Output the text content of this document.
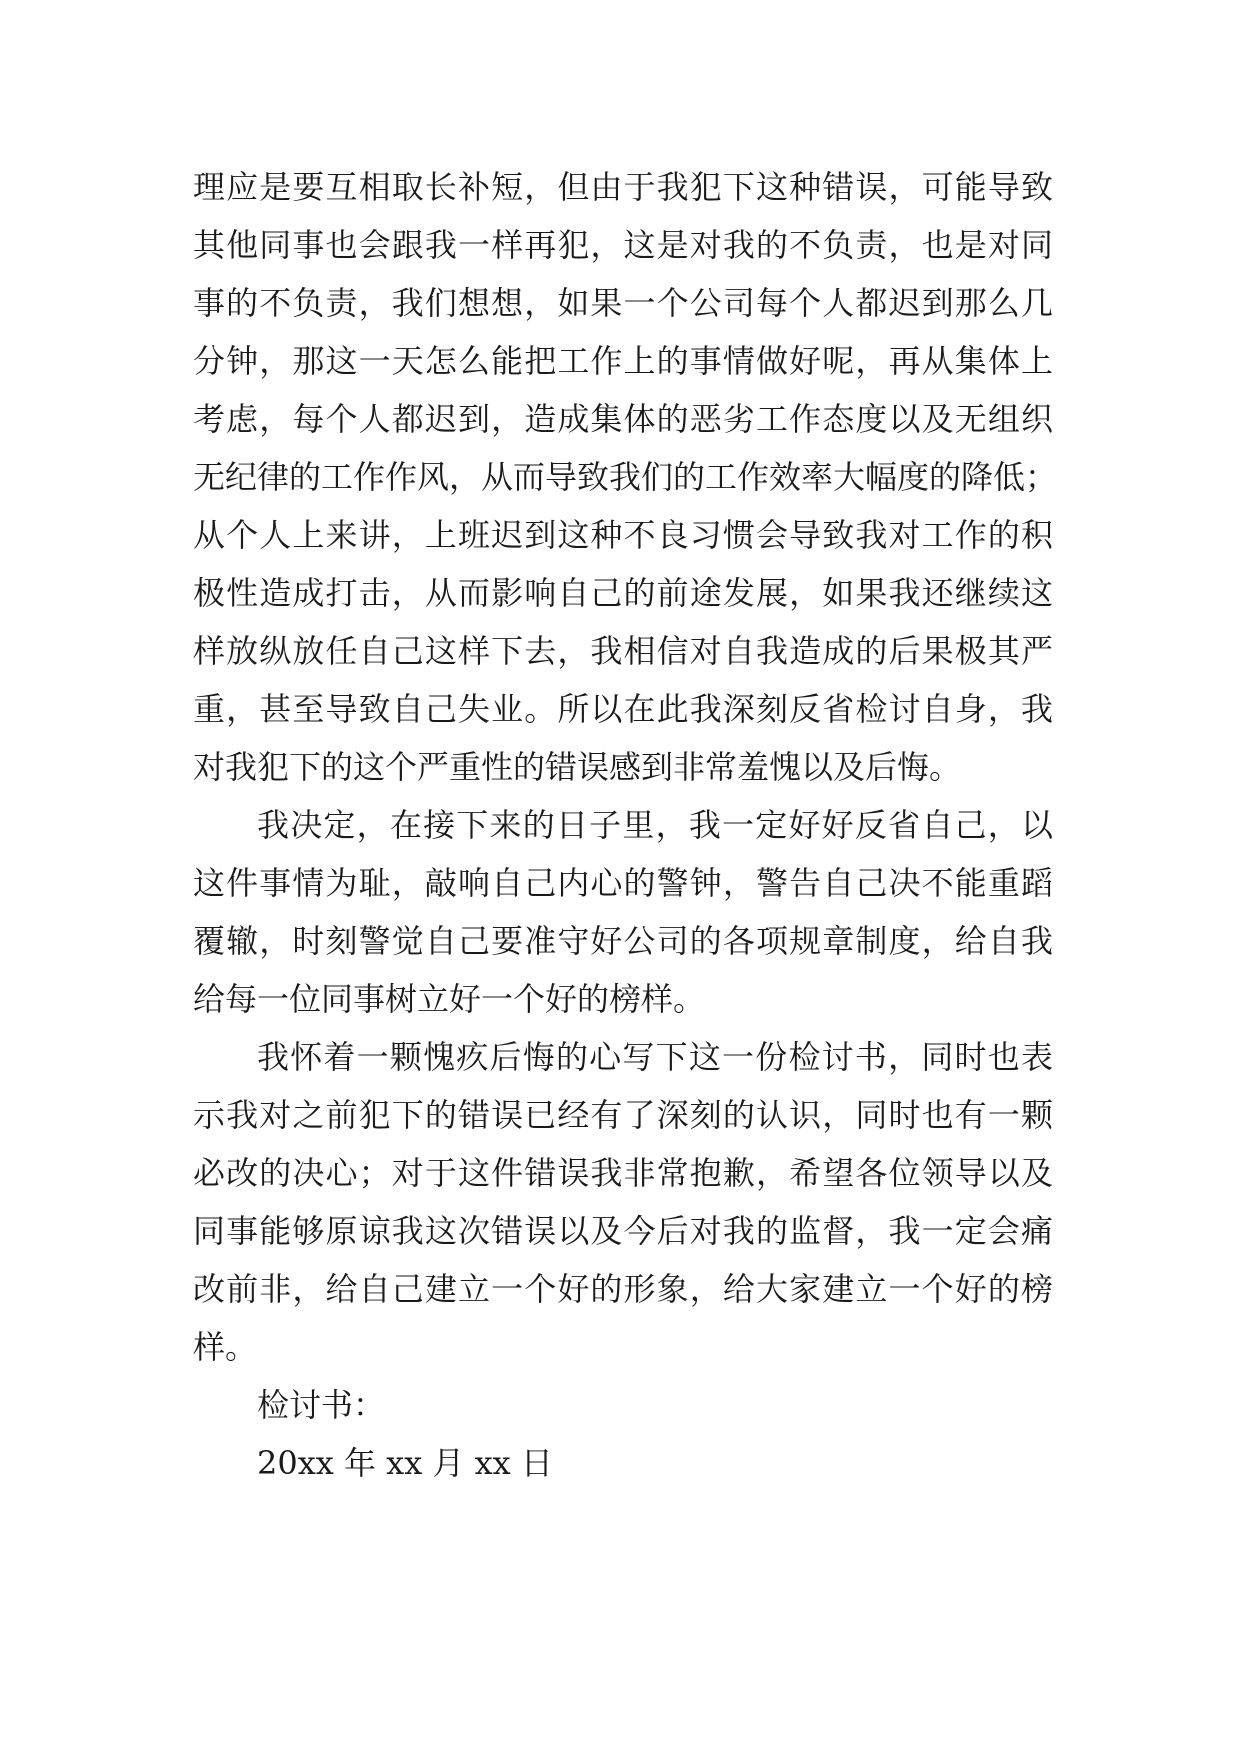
理应是要互相取长补短，但由于我犯下这种错误，可能导致
其他同事也会跟我一样再犯，这是对我的不负责，也是对同
事的不负责，我们想想，如果一个公司每个人都迟到那么几
分钟，那这一天怎么能把工作上的事情做好呢，再从集体上
考虑，每个人都迟到，造成集体的恶劣工作态度以及无组织
无纪律的工作作风，从而导致我们的工作效率大幅度的降低；
从个人上来讲，上班迟到这种不良习惯会导致我对工作的积
极性造成打击，从而影响自己的前途发展，如果我还继续这
样放纵放任自己这样下去，我相信对自我造成的后果极其严
重，甚至导致自己失业。所以在此我深刻反省检讨自身，我
对我犯下的这个严重性的错误感到非常羞愧以及后悔。
我决定，在接下来的日子里，我一定好好反省自己，以
这件事情为耻，敲响自己内心的警钟，警告自己决不能重蹈
覆辙，时刻警觉自己要准守好公司的各项规章制度，给自我
给每一位同事树立好一个好的榜样。
我怀着一颗愧疚后悔的心写下这一份检讨书，同时也表
示我对之前犯下的错误已经有了深刻的认识，同时也有一颗
必改的决心；对于这件错误我非常抱歉，希望各位领导以及
同事能够原谅我这次错误以及今后对我的监督，我一定会痛
改前非，给自己建立一个好的形象，给大家建立一个好的榜
样。
检讨书：
20xx 年 xx 月 xx 日
